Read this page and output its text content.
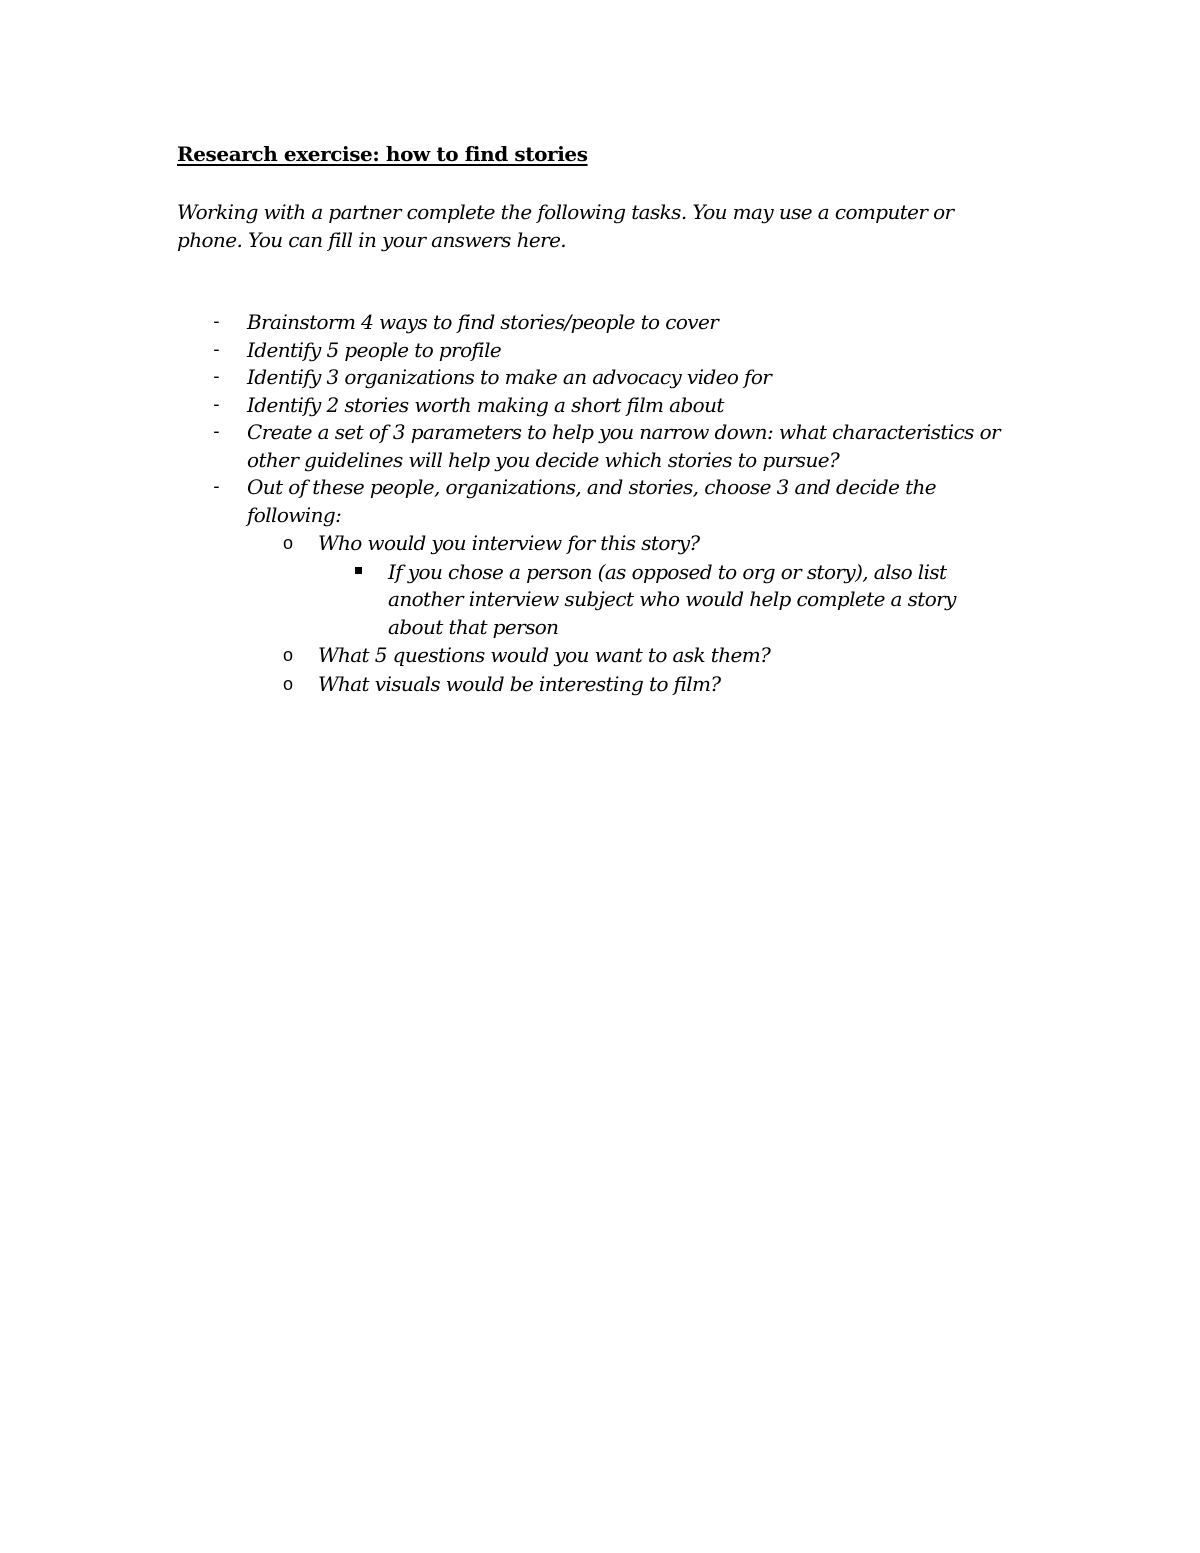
Research exercise: how to find stories
Working with a partner complete the following tasks. You may use a computer or
phone. You can fill in your answers here.
- Brainstorm 4 ways to find stories/people to cover
- Identify 5 people to profile
- Identify 3 organizations to make an advocacy video for
- Identify 2 stories worth making a short film about
- Create a set of 3 parameters to help you narrow down: what characteristics or
other guidelines will help you decide which stories to pursue?
- Out of these people, organizations, and stories, choose 3 and decide the
following:
o Who would you interview for this story?
If you chose a person (as opposed to org or story), also list
another interview subject who would help complete a story
about that person
o What 5 questions would you want to ask them?
o What visuals would be interesting to film?
